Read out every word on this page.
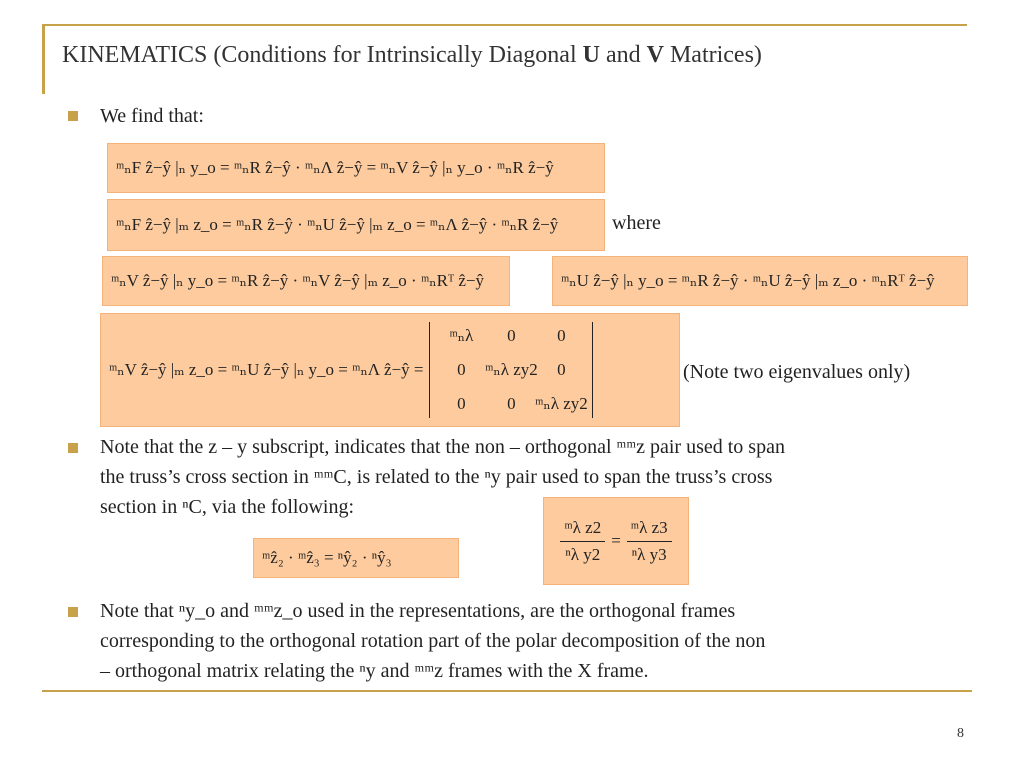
KINEMATICS (Conditions for Intrinsically Diagonal U and V Matrices)
We find that:
ᵐₙF ẑ−ŷ |ₙ y_o = ᵐₙR ẑ−ŷ · ᵐₙΛ ẑ−ŷ = ᵐₙV ẑ−ŷ |ₙ y_o · ᵐₙR ẑ−ŷ
ᵐₙF ẑ−ŷ |ₘ z_o = ᵐₙR ẑ−ŷ · ᵐₙU ẑ−ŷ |ₘ z_o = ᵐₙΛ ẑ−ŷ · ᵐₙR ẑ−ŷ	where
ᵐₙV ẑ−ŷ |ₙ y_o = ᵐₙR ẑ−ŷ · ᵐₙV ẑ−ŷ |ₘ z_o · ᵐₙRᵀ ẑ−ŷ	ᵐₙU ẑ−ŷ |ₙ y_o = ᵐₙR ẑ−ŷ · ᵐₙU ẑ−ŷ |ₘ z_o · ᵐₙRᵀ ẑ−ŷ
ᵐₙV ẑ−ŷ |ₘ z_o = ᵐₙU ẑ−ŷ |ₙ y_o = ᵐₙΛ ẑ−ŷ =
ᵐₙλ 0 0
0 ᵐₙλ zy2 0
0 0 ᵐₙλ zy2
(Note two eigenvalues only)
Note that the z – y subscript, indicates that the non – orthogonal ᵐᵐz pair used to span
the truss’s cross section in ᵐᵐC, is related to the ⁿy pair used to span the truss’s cross
section in ⁿC, via the following:
ᵐẑ₂ · ᵐẑ₃ = ⁿŷ₂ · ⁿŷ₃	$\frac{\text{ᵐλ z2}}{\text{ⁿλ y2}} = \frac{\text{ᵐλ z3}}{\text{ⁿλ y3}}$
Note that ⁿy_o and ᵐᵐz_o used in the representations, are the orthogonal frames
corresponding to the orthogonal rotation part of the polar decomposition of the non
– orthogonal matrix relating the ⁿy and ᵐᵐz frames with the X frame.
8
